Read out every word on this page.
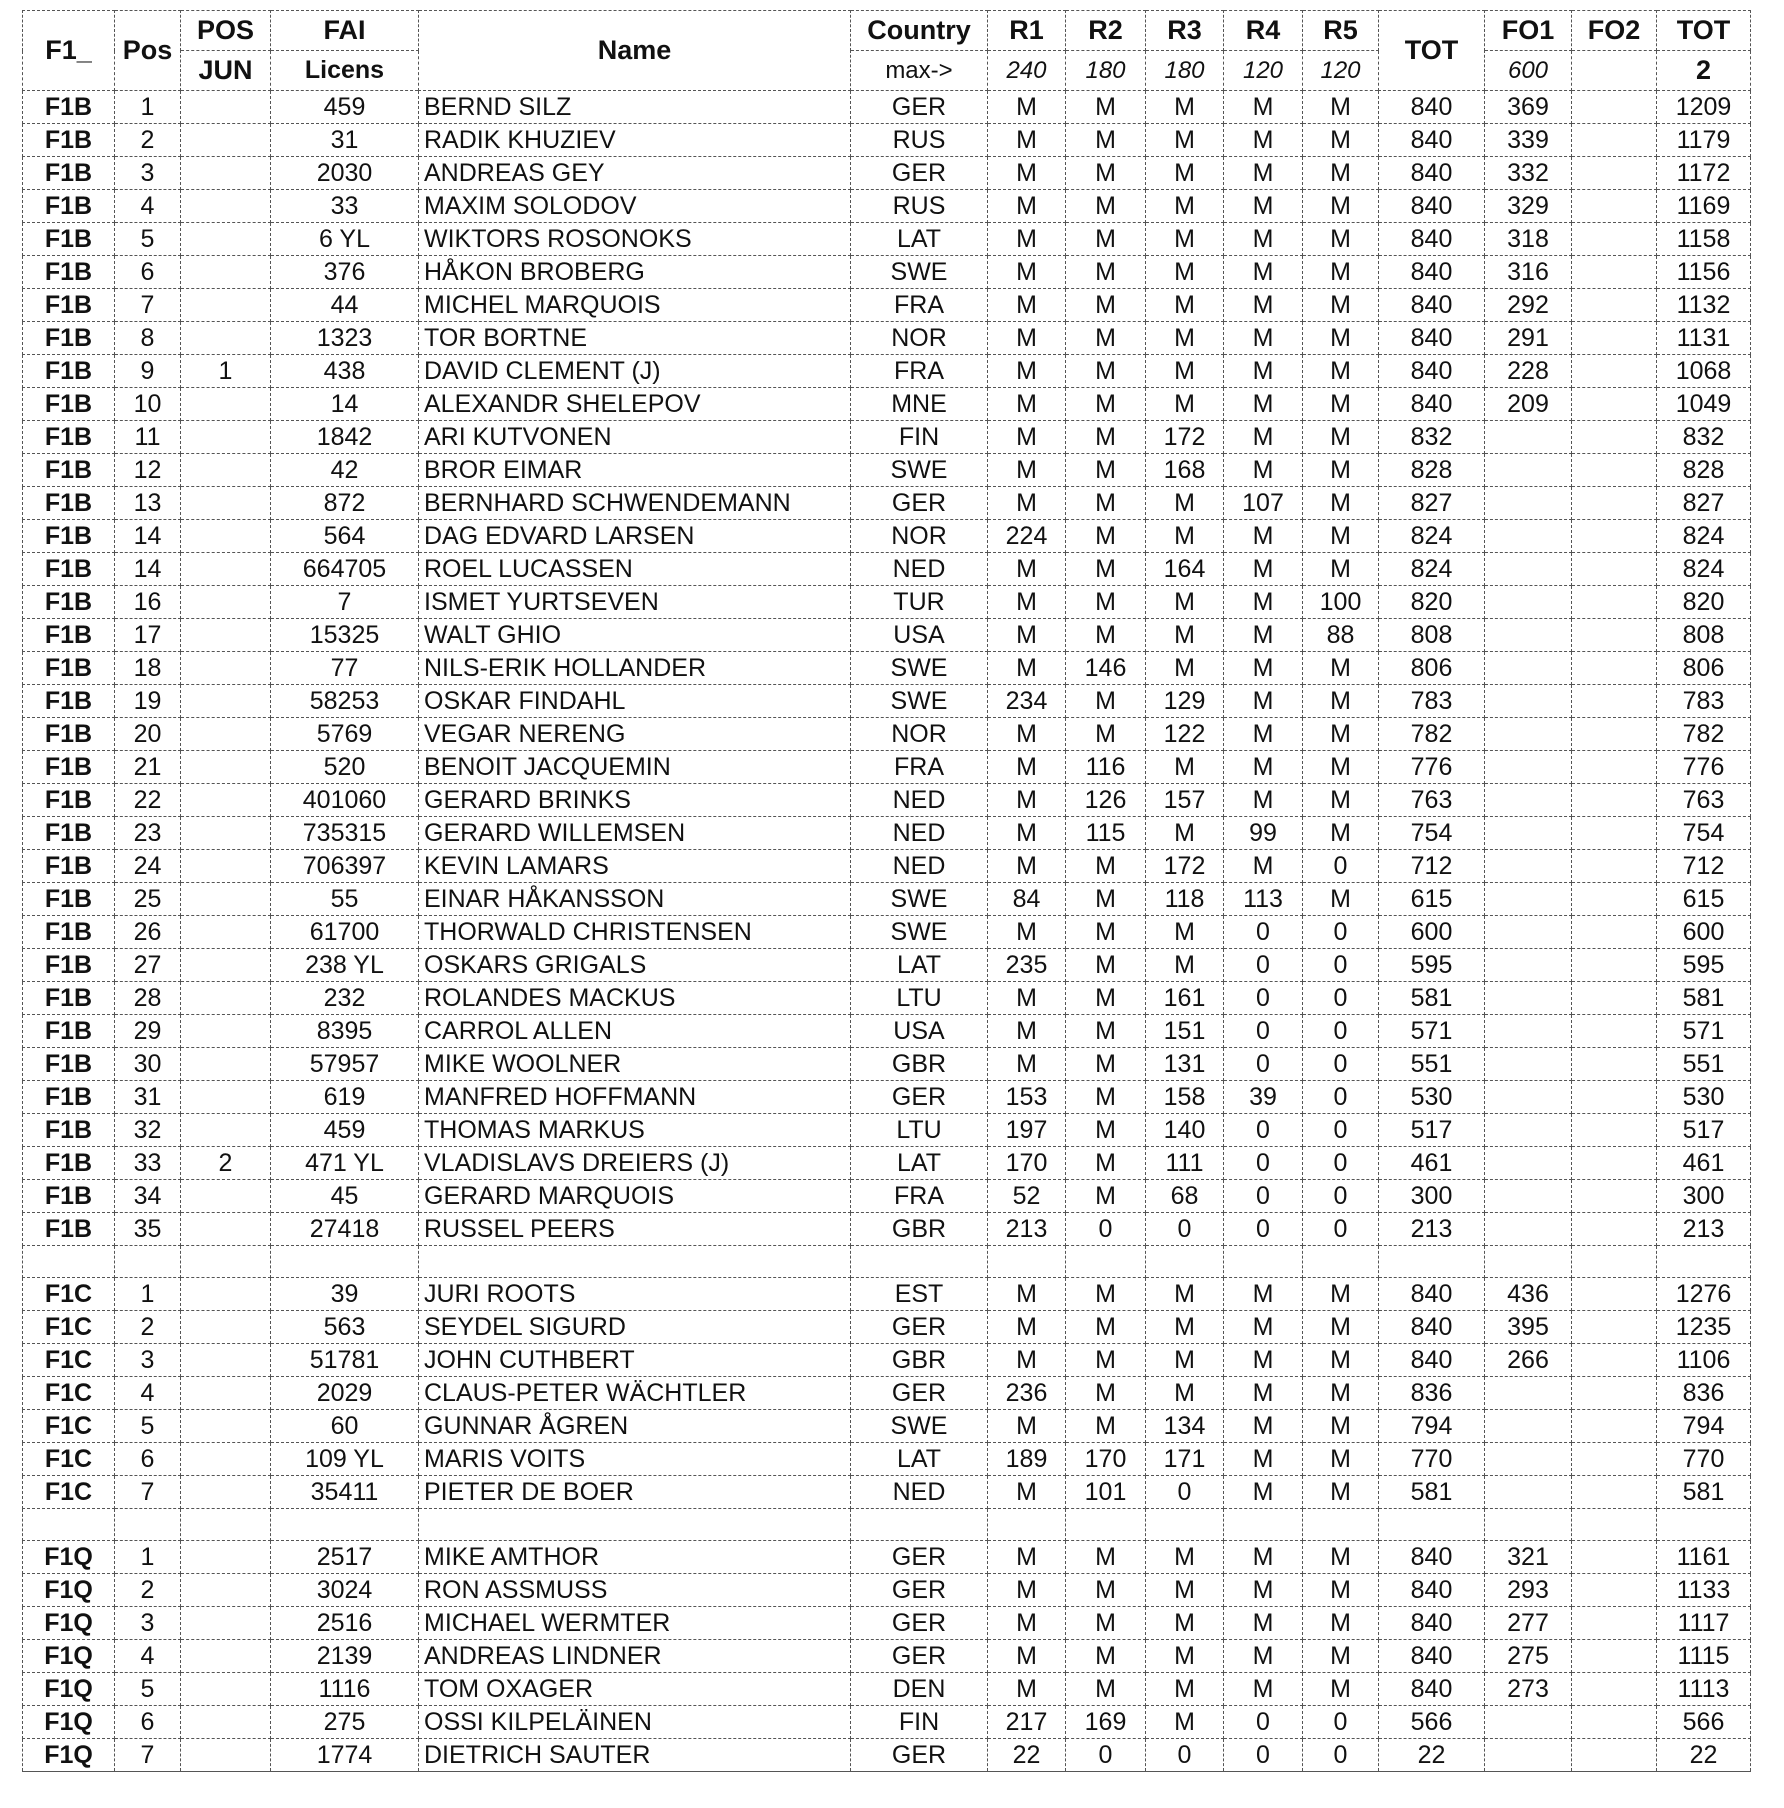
F1_	Pos	POS	FAI	Name	Country	R1	R2	R3	R4	R5	TOT	FO1	FO2	TOT
		JUN	Licens		max->	240	180	180	120	120		600		2
F1B	1		459	BERND SILZ	GER	M	M	M	M	M	840	369		1209
F1B	2		31	RADIK KHUZIEV	RUS	M	M	M	M	M	840	339		1179
F1B	3		2030	ANDREAS GEY	GER	M	M	M	M	M	840	332		1172
F1B	4		33	MAXIM SOLODOV	RUS	M	M	M	M	M	840	329		1169
F1B	5		6 YL	WIKTORS ROSONOKS	LAT	M	M	M	M	M	840	318		1158
F1B	6		376	HÅKON BROBERG	SWE	M	M	M	M	M	840	316		1156
F1B	7		44	MICHEL MARQUOIS	FRA	M	M	M	M	M	840	292		1132
F1B	8		1323	TOR BORTNE	NOR	M	M	M	M	M	840	291		1131
F1B	9	1	438	DAVID CLEMENT (J)	FRA	M	M	M	M	M	840	228		1068
F1B	10		14	ALEXANDR SHELEPOV	MNE	M	M	M	M	M	840	209		1049
F1B	11		1842	ARI KUTVONEN	FIN	M	M	172	M	M	832			832
F1B	12		42	BROR EIMAR	SWE	M	M	168	M	M	828			828
F1B	13		872	BERNHARD SCHWENDEMANN	GER	M	M	M	107	M	827			827
F1B	14		564	DAG EDVARD LARSEN	NOR	224	M	M	M	M	824			824
F1B	14		664705	ROEL LUCASSEN	NED	M	M	164	M	M	824			824
F1B	16		7	ISMET YURTSEVEN	TUR	M	M	M	M	100	820			820
F1B	17		15325	WALT GHIO	USA	M	M	M	M	88	808			808
F1B	18		77	NILS-ERIK HOLLANDER	SWE	M	146	M	M	M	806			806
F1B	19		58253	OSKAR FINDAHL	SWE	234	M	129	M	M	783			783
F1B	20		5769	VEGAR NERENG	NOR	M	M	122	M	M	782			782
F1B	21		520	BENOIT JACQUEMIN	FRA	M	116	M	M	M	776			776
F1B	22		401060	GERARD BRINKS	NED	M	126	157	M	M	763			763
F1B	23		735315	GERARD WILLEMSEN	NED	M	115	M	99	M	754			754
F1B	24		706397	KEVIN LAMARS	NED	M	M	172	M	0	712			712
F1B	25		55	EINAR HÅKANSSON	SWE	84	M	118	113	M	615			615
F1B	26		61700	THORWALD CHRISTENSEN	SWE	M	M	M	0	0	600			600
F1B	27		238 YL	OSKARS GRIGALS	LAT	235	M	M	0	0	595			595
F1B	28		232	ROLANDES MACKUS	LTU	M	M	161	0	0	581			581
F1B	29		8395	CARROL ALLEN	USA	M	M	151	0	0	571			571
F1B	30		57957	MIKE WOOLNER	GBR	M	M	131	0	0	551			551
F1B	31		619	MANFRED HOFFMANN	GER	153	M	158	39	0	530			530
F1B	32		459	THOMAS MARKUS	LTU	197	M	140	0	0	517			517
F1B	33	2	471 YL	VLADISLAVS DREIERS (J)	LAT	170	M	111	0	0	461			461
F1B	34		45	GERARD MARQUOIS	FRA	52	M	68	0	0	300			300
F1B	35		27418	RUSSEL PEERS	GBR	213	0	0	0	0	213			213

F1C	1		39	JURI ROOTS	EST	M	M	M	M	M	840	436		1276
F1C	2		563	SEYDEL SIGURD	GER	M	M	M	M	M	840	395		1235
F1C	3		51781	JOHN CUTHBERT	GBR	M	M	M	M	M	840	266		1106
F1C	4		2029	CLAUS-PETER WÄCHTLER	GER	236	M	M	M	M	836			836
F1C	5		60	GUNNAR ÅGREN	SWE	M	M	134	M	M	794			794
F1C	6		109 YL	MARIS VOITS	LAT	189	170	171	M	M	770			770
F1C	7		35411	PIETER DE BOER	NED	M	101	0	M	M	581			581

F1Q	1		2517	MIKE AMTHOR	GER	M	M	M	M	M	840	321		1161
F1Q	2		3024	RON ASSMUSS	GER	M	M	M	M	M	840	293		1133
F1Q	3		2516	MICHAEL WERMTER	GER	M	M	M	M	M	840	277		1117
F1Q	4		2139	ANDREAS LINDNER	GER	M	M	M	M	M	840	275		1115
F1Q	5		1116	TOM OXAGER	DEN	M	M	M	M	M	840	273		1113
F1Q	6		275	OSSI KILPELÄINEN	FIN	217	169	M	0	0	566			566
F1Q	7		1774	DIETRICH SAUTER	GER	22	0	0	0	0	22			22
